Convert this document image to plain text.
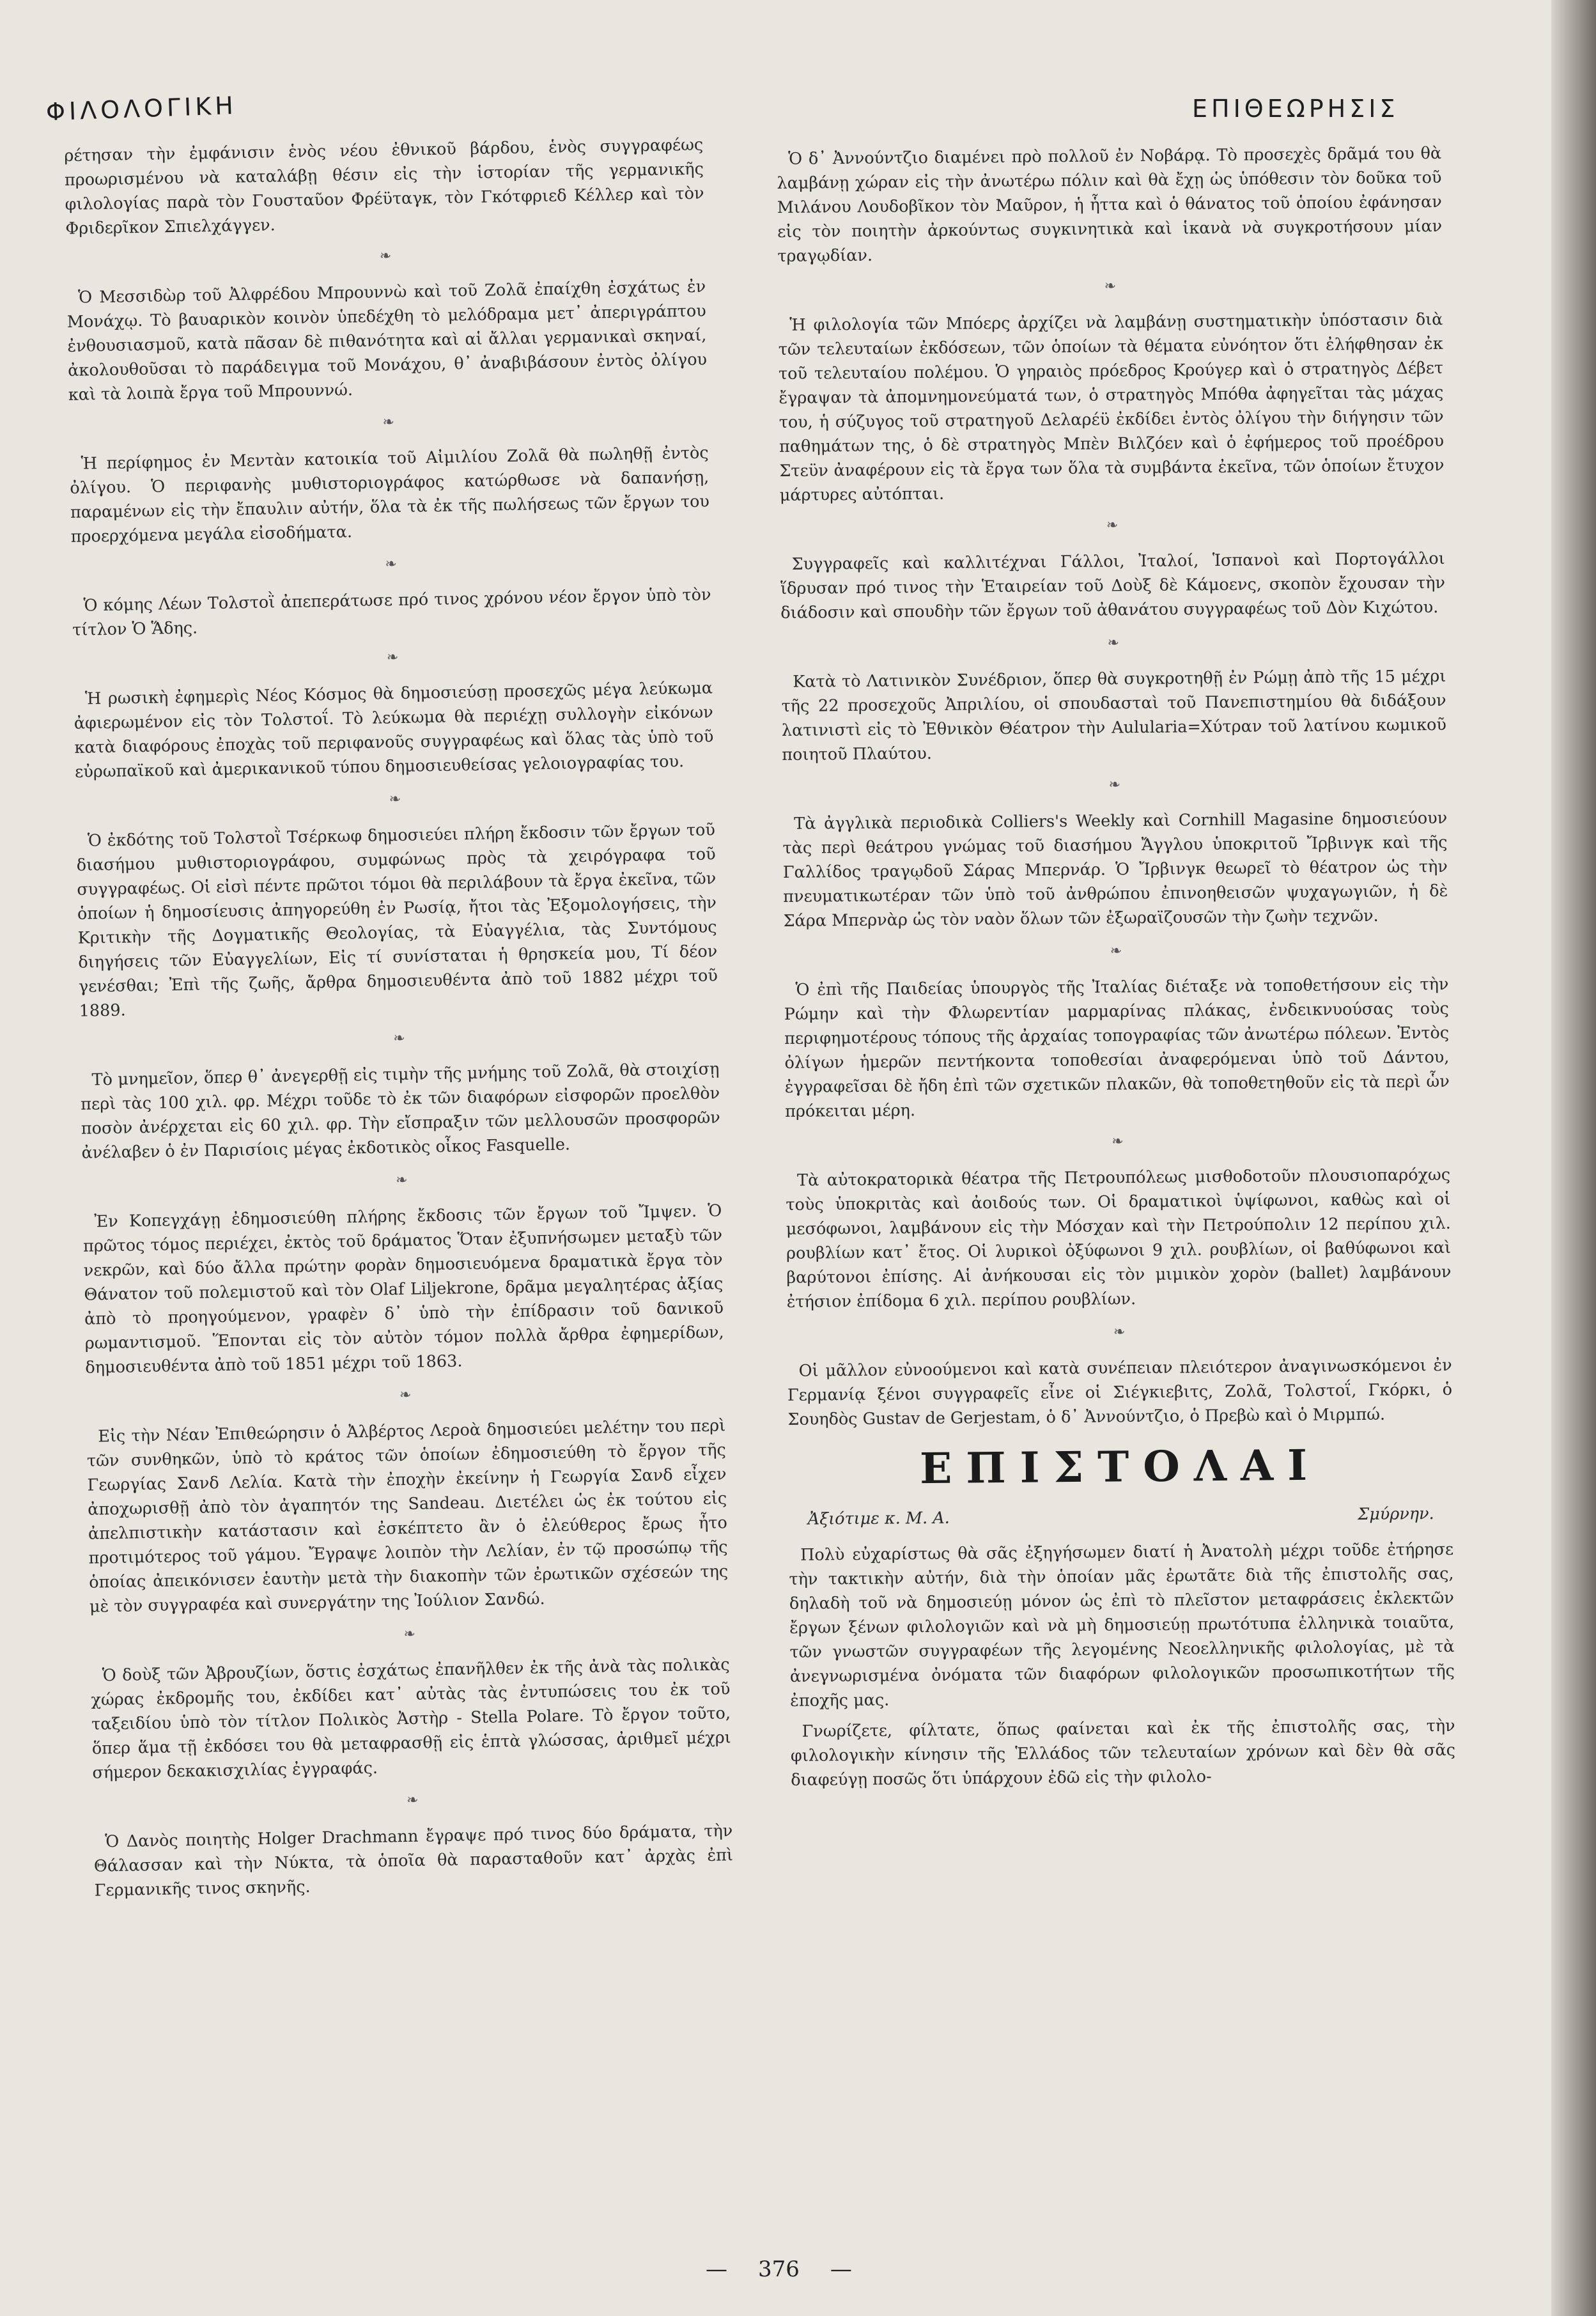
ΦΙΛΟΛΟΓΙΚΗ	ΕΠΙΘΕΩΡΗΣΙΣ

ρέτησαν τὴν ἐμφάνισιν ἑνὸς νέου ἐθνικοῦ βάρδου, ἑνὸς συγγραφέως προωρισμένου νὰ καταλάβῃ θέσιν εἰς τὴν ἱστορίαν τῆς γερμανικῆς φιλολογίας παρὰ τὸν Γουσταῦον Φρέϋταγκ, τὸν Γκότφριεδ Κέλλερ καὶ τὸν Φριδερῖκον Σπιελχάγγεν.

❧

Ὁ Μεσσιδὼρ τοῦ Ἀλφρέδου Μπρουννὼ καὶ τοῦ Ζολᾶ ἐπαίχθη ἐσχάτως ἐν Μονάχῳ. Τὸ βαυαρικὸν κοινὸν ὑπεδέχθη τὸ μελόδραμα μετ᾽ ἀπεριγράπτου ἐνθουσιασμοῦ, κατὰ πᾶσαν δὲ πιθανότητα καὶ αἱ ἄλλαι γερμανικαὶ σκηναί, ἀκολουθοῦσαι τὸ παράδειγμα τοῦ Μονάχου, θ᾽ ἀναβιβάσουν ἐντὸς ὀλίγου καὶ τὰ λοιπὰ ἔργα τοῦ Μπρουννώ.

❧

Ἡ περίφημος ἐν Μεντὰν κατοικία τοῦ Αἰμιλίου Ζολᾶ θὰ πωληθῇ ἐντὸς ὀλίγου. Ὁ περιφανὴς μυθιστοριογράφος κατώρθωσε νὰ δαπανήσῃ, παραμένων εἰς τὴν ἔπαυλιν αὐτήν, ὅλα τὰ ἐκ τῆς πωλήσεως τῶν ἔργων του προερχόμενα μεγάλα εἰσοδήματα.

❧

Ὁ κόμης Λέων Τολστοῒ ἀπεπεράτωσε πρό τινος χρόνου νέον ἔργον ὑπὸ τὸν τίτλον Ὁ Ἅδης.

❧

Ἡ ρωσικὴ ἐφημερὶς Νέος Κόσμος θὰ δημοσιεύσῃ προσεχῶς μέγα λεύκωμα ἀφιερωμένον εἰς τὸν Τολστοΐ. Τὸ λεύκωμα θὰ περιέχῃ συλλογὴν εἰκόνων κατὰ διαφόρους ἐποχὰς τοῦ περιφανοῦς συγγραφέως καὶ ὅλας τὰς ὑπὸ τοῦ εὐρωπαϊκοῦ καὶ ἀμερικανικοῦ τύπου δημοσιευθείσας γελοιογραφίας του.

❧

Ὁ ἐκδότης τοῦ Τολστοῒ Τσέρκωφ δημοσιεύει πλήρη ἔκδοσιν τῶν ἔργων τοῦ διασήμου μυθιστοριογράφου, συμφώνως πρὸς τὰ χειρόγραφα τοῦ συγγραφέως. Οἱ εἰσὶ πέντε πρῶτοι τόμοι θὰ περιλάβουν τὰ ἔργα ἐκεῖνα, τῶν ὁποίων ἡ δημοσίευσις ἀπηγορεύθη ἐν Ρωσίᾳ, ἤτοι τὰς Ἐξομολογήσεις, τὴν Κριτικὴν τῆς Δογματικῆς Θεολογίας, τὰ Εὐαγγέλια, τὰς Συντόμους διηγήσεις τῶν Εὐαγγελίων, Εἰς τί συνίσταται ἡ θρησκεία μου, Τί δέον γενέσθαι; Ἐπὶ τῆς ζωῆς, ἄρθρα δημοσιευθέντα ἀπὸ τοῦ 1882 μέχρι τοῦ 1889.

❧

Τὸ μνημεῖον, ὅπερ θ᾽ ἀνεγερθῇ εἰς τιμὴν τῆς μνήμης τοῦ Ζολᾶ, θὰ στοιχίσῃ περὶ τὰς 100 χιλ. φρ. Μέχρι τοῦδε τὸ ἐκ τῶν διαφόρων εἰσφορῶν προελθὸν ποσὸν ἀνέρχεται εἰς 60 χιλ. φρ. Τὴν εἴσπραξιν τῶν μελλουσῶν προσφορῶν ἀνέλαβεν ὁ ἐν Παρισίοις μέγας ἐκδοτικὸς οἶκος Fasquelle.

❧

Ἐν Κοπεγχάγῃ ἐδημοσιεύθη πλήρης ἔκδοσις τῶν ἔργων τοῦ Ἴμψεν. Ὁ πρῶτος τόμος περιέχει, ἐκτὸς τοῦ δράματος Ὅταν ἐξυπνήσωμεν μεταξὺ τῶν νεκρῶν, καὶ δύο ἄλλα πρώτην φορὰν δημοσιευόμενα δραματικὰ ἔργα τὸν Θάνατον τοῦ πολεμιστοῦ καὶ τὸν Olaf Liljekrone, δρᾶμα μεγαλητέρας ἀξίας ἀπὸ τὸ προηγούμενον, γραφὲν δ᾽ ὑπὸ τὴν ἐπίδρασιν τοῦ δανικοῦ ρωμαντισμοῦ. Ἕπονται εἰς τὸν αὐτὸν τόμον πολλὰ ἄρθρα ἐφημερίδων, δημοσιευθέντα ἀπὸ τοῦ 1851 μέχρι τοῦ 1863.

❧

Εἰς τὴν Νέαν Ἐπιθεώρησιν ὁ Ἀλβέρτος Λεροὰ δημοσιεύει μελέτην του περὶ τῶν συνθηκῶν, ὑπὸ τὸ κράτος τῶν ὁποίων ἐδημοσιεύθη τὸ ἔργον τῆς Γεωργίας Σανδ Λελία. Κατὰ τὴν ἐποχὴν ἐκείνην ἡ Γεωργία Σανδ εἶχεν ἀποχωρισθῇ ἀπὸ τὸν ἀγαπητόν της Sandeau. Διετέλει ὡς ἐκ τούτου εἰς ἀπελπιστικὴν κατάστασιν καὶ ἐσκέπτετο ἂν ὁ ἐλεύθερος ἔρως ἦτο προτιμότερος τοῦ γάμου. Ἔγραψε λοιπὸν τὴν Λελίαν, ἐν τῷ προσώπῳ τῆς ὁποίας ἀπεικόνισεν ἑαυτὴν μετὰ τὴν διακοπὴν τῶν ἐρωτικῶν σχέσεών της μὲ τὸν συγγραφέα καὶ συνεργάτην της Ἰούλιον Σανδώ.

❧

Ὁ δοὺξ τῶν Ἀβρουζίων, ὅστις ἐσχάτως ἐπανῆλθεν ἐκ τῆς ἀνὰ τὰς πολικὰς χώρας ἐκδρομῆς του, ἐκδίδει κατ᾽ αὐτὰς τὰς ἐντυπώσεις του ἐκ τοῦ ταξειδίου ὑπὸ τὸν τίτλον Πολικὸς Ἀστὴρ - Stella Polare. Τὸ ἔργον τοῦτο, ὅπερ ἅμα τῇ ἐκδόσει του θὰ μεταφρασθῇ εἰς ἑπτὰ γλώσσας, ἀριθμεῖ μέχρι σήμερον δεκακισχιλίας ἐγγραφάς.

❧

Ὁ Δανὸς ποιητὴς Holger Drachmann ἔγραψε πρό τινος δύο δράματα, τὴν Θάλασσαν καὶ τὴν Νύκτα, τὰ ὁποῖα θὰ παρασταθοῦν κατ᾽ ἀρχὰς ἐπὶ Γερμανικῆς τινος σκηνῆς.

Ὁ δ᾽ Ἀννούντζιο διαμένει πρὸ πολλοῦ ἐν Νοβάρᾳ. Τὸ προσεχὲς δρᾶμά του θὰ λαμβάνῃ χώραν εἰς τὴν ἀνωτέρω πόλιν καὶ θὰ ἔχῃ ὡς ὑπόθεσιν τὸν δοῦκα τοῦ Μιλάνου Λουδοβῖκον τὸν Μαῦρον, ἡ ἧττα καὶ ὁ θάνατος τοῦ ὁποίου ἐφάνησαν εἰς τὸν ποιητὴν ἀρκούντως συγκινητικὰ καὶ ἱκανὰ νὰ συγκροτήσουν μίαν τραγῳδίαν.

❧

Ἡ φιλολογία τῶν Μπόερς ἀρχίζει νὰ λαμβάνῃ συστηματικὴν ὑπόστασιν διὰ τῶν τελευταίων ἐκδόσεων, τῶν ὁποίων τὰ θέματα εὐνόητον ὅτι ἐλήφθησαν ἐκ τοῦ τελευταίου πολέμου. Ὁ γηραιὸς πρόεδρος Κρούγερ καὶ ὁ στρατηγὸς Δέβετ ἔγραψαν τὰ ἀπομνημονεύματά των, ὁ στρατηγὸς Μπόθα ἀφηγεῖται τὰς μάχας του, ἡ σύζυγος τοῦ στρατηγοῦ Δελαρέϋ ἐκδίδει ἐντὸς ὀλίγου τὴν διήγησιν τῶν παθημάτων της, ὁ δὲ στρατηγὸς Μπὲν Βιλζόεν καὶ ὁ ἐφήμερος τοῦ προέδρου Στεϋν ἀναφέρουν εἰς τὰ ἔργα των ὅλα τὰ συμβάντα ἐκεῖνα, τῶν ὁποίων ἔτυχον μάρτυρες αὐτόπται.

❧

Συγγραφεῖς καὶ καλλιτέχναι Γάλλοι, Ἰταλοί, Ἱσπανοὶ καὶ Πορτογάλλοι ἵδρυσαν πρό τινος τὴν Ἑταιρείαν τοῦ Δοὺξ δὲ Κάμοενς, σκοπὸν ἔχουσαν τὴν διάδοσιν καὶ σπουδὴν τῶν ἔργων τοῦ ἀθανάτου συγγραφέως τοῦ Δὸν Κιχώτου.

❧

Κατὰ τὸ Λατινικὸν Συνέδριον, ὅπερ θὰ συγκροτηθῇ ἐν Ρώμῃ ἀπὸ τῆς 15 μέχρι τῆς 22 προσεχοῦς Ἀπριλίου, οἱ σπουδασταὶ τοῦ Πανεπιστημίου θὰ διδάξουν λατινιστὶ εἰς τὸ Ἐθνικὸν Θέατρον τὴν Aulularia=Χύτραν τοῦ λατίνου κωμικοῦ ποιητοῦ Πλαύτου.

❧

Τὰ ἀγγλικὰ περιοδικὰ Colliers's Weekly καὶ Cornhill Magasine δημοσιεύουν τὰς περὶ θεάτρου γνώμας τοῦ διασήμου Ἄγγλου ὑποκριτοῦ Ἴρβινγκ καὶ τῆς Γαλλίδος τραγῳδοῦ Σάρας Μπερνάρ. Ὁ Ἴρβινγκ θεωρεῖ τὸ θέατρον ὡς τὴν πνευματικωτέραν τῶν ὑπὸ τοῦ ἀνθρώπου ἐπινοηθεισῶν ψυχαγωγιῶν, ἡ δὲ Σάρα Μπερνὰρ ὡς τὸν ναὸν ὅλων τῶν ἐξωραϊζουσῶν τὴν ζωὴν τεχνῶν.

❧

Ὁ ἐπὶ τῆς Παιδείας ὑπουργὸς τῆς Ἰταλίας διέταξε νὰ τοποθετήσουν εἰς τὴν Ρώμην καὶ τὴν Φλωρεντίαν μαρμαρίνας πλάκας, ἐνδεικνυούσας τοὺς περιφημοτέρους τόπους τῆς ἀρχαίας τοπογραφίας τῶν ἀνωτέρω πόλεων. Ἐντὸς ὀλίγων ἡμερῶν πεντήκοντα τοποθεσίαι ἀναφερόμεναι ὑπὸ τοῦ Δάντου, ἐγγραφεῖσαι δὲ ἤδη ἐπὶ τῶν σχετικῶν πλακῶν, θὰ τοποθετηθοῦν εἰς τὰ περὶ ὧν πρόκειται μέρη.

❧

Τὰ αὐτοκρατορικὰ θέατρα τῆς Πετρουπόλεως μισθοδοτοῦν πλουσιοπαρόχως τοὺς ὑποκριτὰς καὶ ἀοιδούς των. Οἱ δραματικοὶ ὑψίφωνοι, καθὼς καὶ οἱ μεσόφωνοι, λαμβάνουν εἰς τὴν Μόσχαν καὶ τὴν Πετρούπολιν 12 περίπου χιλ. ρουβλίων κατ᾽ ἔτος. Οἱ λυρικοὶ ὀξύφωνοι 9 χιλ. ρουβλίων, οἱ βαθύφωνοι καὶ βαρύτονοι ἐπίσης. Αἱ ἀνήκουσαι εἰς τὸν μιμικὸν χορὸν (ballet) λαμβάνουν ἐτήσιον ἐπίδομα 6 χιλ. περίπου ρουβλίων.

❧

Οἱ μᾶλλον εὐνοούμενοι καὶ κατὰ συνέπειαν πλειότερον ἀναγινωσκόμενοι ἐν Γερμανίᾳ ξένοι συγγραφεῖς εἶνε οἱ Σιέγκιεβιτς, Ζολᾶ, Τολστοΐ, Γκόρκι, ὁ Σουηδὸς Gustav de Gerjestam, ὁ δ᾽ Ἀννούντζιο, ὁ Πρεβὼ καὶ ὁ Μιρμπώ.

ΕΠΙΣΤΟΛΑΙ
Ἀξιότιμε κ. Μ. Α.	Σμύρνην.

Πολὺ εὐχαρίστως θὰ σᾶς ἐξηγήσωμεν διατί ἡ Ἀνατολὴ μέχρι τοῦδε ἐτήρησε τὴν τακτικὴν αὐτήν, διὰ τὴν ὁποίαν μᾶς ἐρωτᾶτε διὰ τῆς ἐπιστολῆς σας, δηλαδὴ τοῦ νὰ δημοσιεύῃ μόνον ὡς ἐπὶ τὸ πλεῖστον μεταφράσεις ἐκλεκτῶν ἔργων ξένων φιλολογιῶν καὶ νὰ μὴ δημοσιεύῃ πρωτότυπα ἑλληνικὰ τοιαῦτα, τῶν γνωστῶν συγγραφέων τῆς λεγομένης Νεοελληνικῆς φιλολογίας, μὲ τὰ ἀνεγνωρισμένα ὀνόματα τῶν διαφόρων φιλολογικῶν προσωπικοτήτων τῆς ἐποχῆς μας.

Γνωρίζετε, φίλτατε, ὅπως φαίνεται καὶ ἐκ τῆς ἐπιστολῆς σας, τὴν φιλολογικὴν κίνησιν τῆς Ἑλλάδος τῶν τελευταίων χρόνων καὶ δὲν θὰ σᾶς διαφεύγῃ ποσῶς ὅτι ὑπάρχουν ἐδῶ εἰς τὴν φιλολο-

— 376 —
